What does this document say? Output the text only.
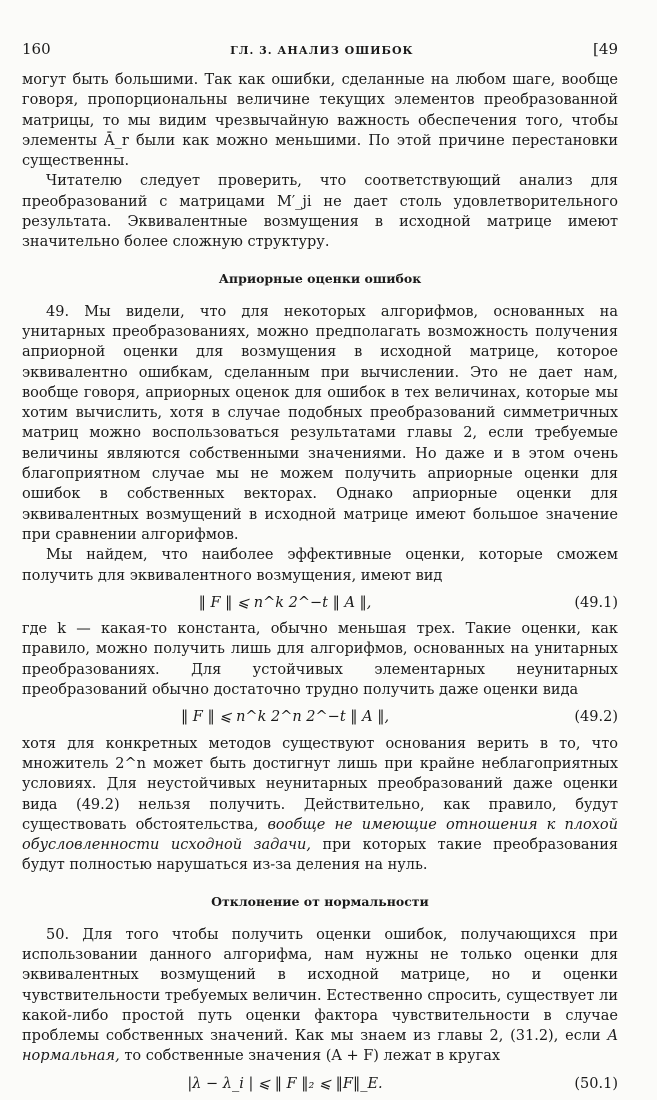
160	ГЛ. 3. АНАЛИЗ ОШИБОК	[49

могут быть большими. Так как ошибки, сделанные на любом шаге, вообще говоря, пропорциональны величине текущих элементов преобразованной матрицы, то мы видим чрезвычайную важность обеспечения того, чтобы элементы Ā_r были как можно меньшими. По этой причине перестановки существенны.

Читателю следует проверить, что соответствующий анализ для преобразований с матрицами M′_ji не дает столь удовлетворительного результата. Эквивалентные возмущения в исходной матрице имеют значительно более сложную структуру.

Априорные оценки ошибок

49. Мы видели, что для некоторых алгорифмов, основанных на унитарных преобразованиях, можно предполагать возможность получения априорной оценки для возмущения в исходной матрице, которое эквивалентно ошибкам, сделанным при вычислении. Это не дает нам, вообще говоря, априорных оценок для ошибок в тех величинах, которые мы хотим вычислить, хотя в случае подобных преобразований симметричных матриц можно воспользоваться результатами главы 2, если требуемые величины являются собственными значениями. Но даже и в этом очень благоприятном случае мы не можем получить априорные оценки для ошибок в собственных векторах. Однако априорные оценки для эквивалентных возмущений в исходной матрице имеют большое значение при сравнении алгорифмов.

Мы найдем, что наиболее эффективные оценки, которые сможем получить для эквивалентного возмущения, имеют вид

‖ F ‖ ⩽ n^k 2^−t ‖ A ‖,	(49.1)

где k — какая-то константа, обычно меньшая трех. Такие оценки, как правило, можно получить лишь для алгорифмов, основанных на унитарных преобразованиях. Для устойчивых элементарных неунитарных преобразований обычно достаточно трудно получить даже оценки вида

‖ F ‖ ⩽ n^k 2^n 2^−t ‖ A ‖,	(49.2)

хотя для конкретных методов существуют основания верить в то, что множитель 2^n может быть достигнут лишь при крайне неблагоприятных условиях. Для неустойчивых неунитарных преобразований даже оценки вида (49.2) нельзя получить. Действительно, как правило, будут существовать обстоятельства, вообще не имеющие отношения к плохой обусловленности исходной задачи, при которых такие преобразования будут полностью нарушаться из-за деления на нуль.

Отклонение от нормальности

50. Для того чтобы получить оценки ошибок, получающихся при использовании данного алгорифма, нам нужны не только оценки для эквивалентных возмущений в исходной матрице, но и оценки чувствительности требуемых величин. Естественно спросить, существует ли какой-либо простой путь оценки фактора чувствительности в случае проблемы собственных значений. Как мы знаем из главы 2, (31.2), если A нормальная, то собственные значения (A + F) лежат в кругах

|λ − λ_i | ⩽ ‖ F ‖₂ ⩽ ‖F‖_E.	(50.1)
